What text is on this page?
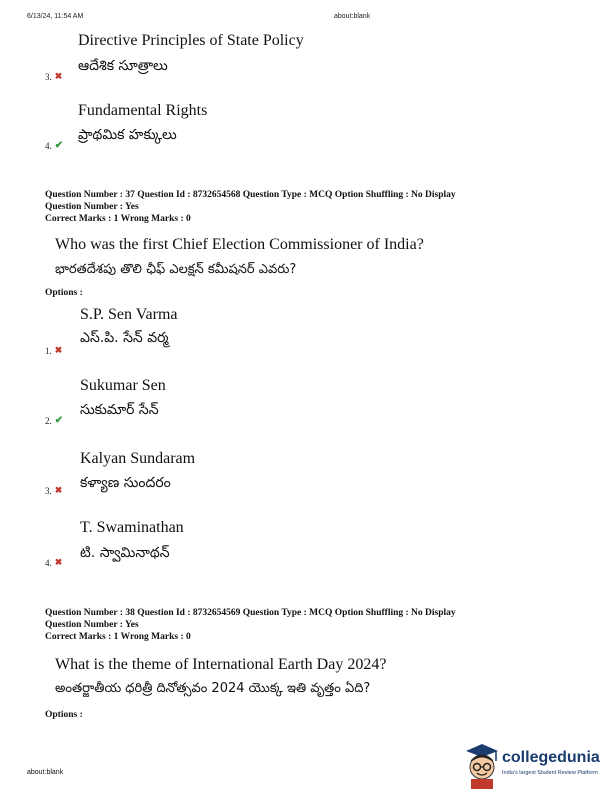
6/13/24, 11:54 AM	about:blank
Directive Principles of State Policy
ఆదేశిక సూత్రాలు
3. ✖
Fundamental Rights
ప్రాథమిక హక్కులు
4. ✔
Question Number : 37 Question Id : 8732654568 Question Type : MCQ Option Shuffling : No Display
Question Number : Yes
Correct Marks : 1 Wrong Marks : 0
Who was the first Chief Election Commissioner of India?
భారతదేశపు తొలి ఛీఫ్ ఎలక్షన్ కమీషనర్ ఎవరు?
Options :
S.P. Sen Varma
ఎస్.పి. సేన్ వర్మ
1. ✖
Sukumar Sen
సుకుమార్ సేన్
2. ✔
Kalyan Sundaram
కళ్యాణ సుందరం
3. ✖
T. Swaminathan
టి. స్వామినాథన్
4. ✖
Question Number : 38 Question Id : 8732654569 Question Type : MCQ Option Shuffling : No Display
Question Number : Yes
Correct Marks : 1 Wrong Marks : 0
What is the theme of International Earth Day 2024?
అంతర్జాతీయ ధరిత్రీ దినోత్సవం 2024 యొక్క ఇతి వృత్తం ఏది?
Options :
about:blank
collegedunia
India's largest Student Review Platform
